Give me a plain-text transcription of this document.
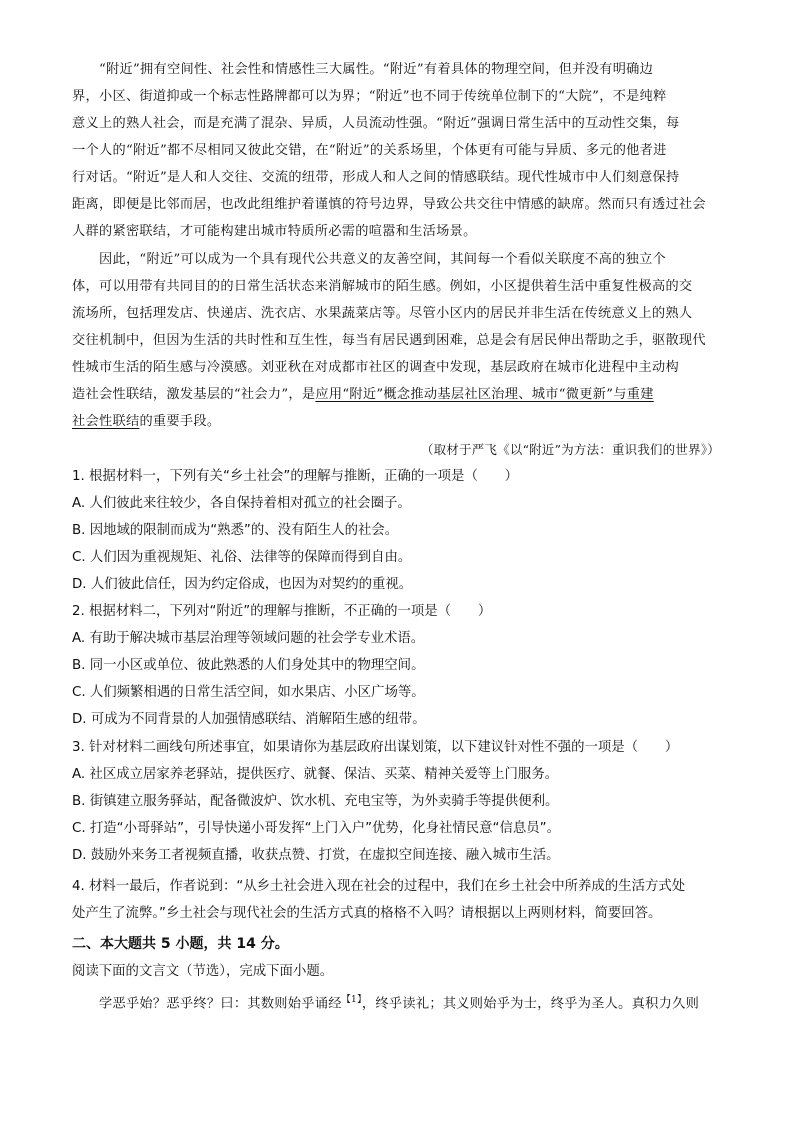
　　“附近”拥有空间性、社会性和情感性三大属性。“附近”有着具体的物理空间，但并没有明确边
界，小区、街道抑或一个标志性路牌都可以为界；“附近”也不同于传统单位制下的“大院”，不是纯粹
意义上的熟人社会，而是充满了混杂、异质，人员流动性强。“附近”强调日常生活中的互动性交集，每
一个人的“附近”都不尽相同又彼此交错，在“附近”的关系场里，个体更有可能与异质、多元的他者进
行对话。“附近”是人和人交往、交流的纽带，形成人和人之间的情感联结。现代性城市中人们刻意保持
距离，即便是比邻而居，也改此组维护着谨慎的符号边界，导致公共交往中情感的缺席。然而只有透过社会
人群的紧密联结，才可能构建出城市特质所必需的喧嚣和生活场景。
　　因此，“附近”可以成为一个具有现代公共意义的友善空间，其间每一个看似关联度不高的独立个
体，可以用带有共同目的的日常生活状态来消解城市的陌生感。例如，小区提供着生活中重复性极高的交
流场所，包括理发店、快递店、洗衣店、水果蔬菜店等。尽管小区内的居民并非生活在传统意义上的熟人
交往机制中，但因为生活的共时性和互生性，每当有居民遇到困难，总是会有居民伸出帮助之手，驱散现代
性城市生活的陌生感与冷漠感。刘亚秋在对成都市社区的调查中发现，基层政府在城市化进程中主动构
造社会性联结，激发基层的“社会力”，是应用“附近”概念推动基层社区治理、城市“微更新”与重建
社会性联结的重要手段。
（取材于严飞《以“附近”为方法：重识我们的世界》）
1. 根据材料一，下列有关“乡土社会”的理解与推断，正确的一项是（　　）
A. 人们彼此来往较少，各自保持着相对孤立的社会圈子。
B. 因地域的限制而成为“熟悉”的、没有陌生人的社会。
C. 人们因为重视规矩、礼俗、法律等的保障而得到自由。
D. 人们彼此信任，因为约定俗成，也因为对契约的重视。
2. 根据材料二，下列对“附近”的理解与推断，不正确的一项是（　　）
A. 有助于解决城市基层治理等领域问题的社会学专业术语。
B. 同一小区或单位、彼此熟悉的人们身处其中的物理空间。
C. 人们频繁相遇的日常生活空间，如水果店、小区广场等。
D. 可成为不同背景的人加强情感联结、消解陌生感的纽带。
3. 针对材料二画线句所述事宜，如果请你为基层政府出谋划策，以下建议针对性不强的一项是（　　）
A. 社区成立居家养老驿站，提供医疗、就餐、保洁、买菜、精神关爱等上门服务。
B. 街镇建立服务驿站，配备微波炉、饮水机、充电宝等，为外卖骑手等提供便利。
C. 打造“小哥驿站”，引导快递小哥发挥“上门入户”优势，化身社情民意“信息员”。
D. 鼓励外来务工者视频直播，收获点赞、打赏，在虚拟空间连接、融入城市生活。
4. 材料一最后，作者说到：“从乡土社会进入现在社会的过程中，我们在乡土社会中所养成的生活方式处
处产生了流弊。”乡土社会与现代社会的生活方式真的格格不入吗？请根据以上两则材料，简要回答。
二、本大题共 5 小题，共 14 分。
阅读下面的文言文（节选），完成下面小题。
　　学恶乎始？恶乎终？曰：其数则始乎诵经$^{【1】}$，终乎读礼；其义则始乎为士，终乎为圣人。真积力久则
